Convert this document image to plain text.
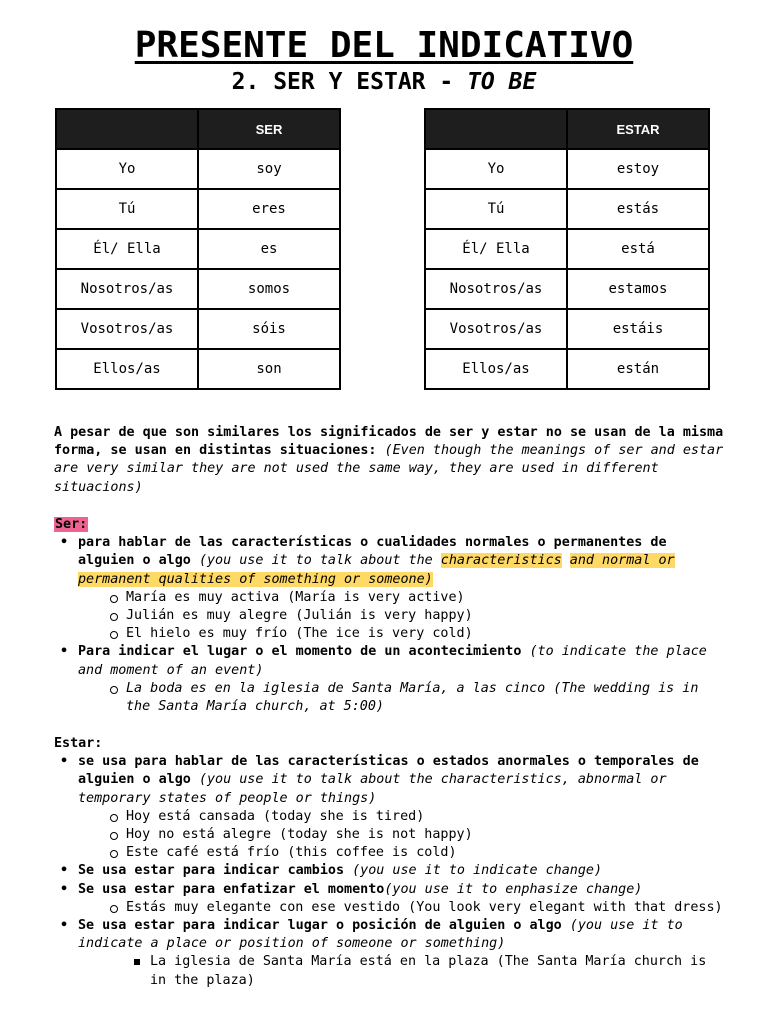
PRESENTE DEL INDICATIVO
2. SER Y ESTAR - TO BE
	SER
Yo	soy
Tú	eres
Él/ Ella	es
Nosotros/as	somos
Vosotros/as	sóis
Ellos/as	son
	ESTAR
Yo	estoy
Tú	estás
Él/ Ella	está
Nosotros/as	estamos
Vosotros/as	estáis
Ellos/as	están

A pesar de que son similares los significados de ser y estar no se usan de la misma forma, se usan en distintas situaciones: (Even though the meanings of ser and estar are very similar they are not used the same way, they are used in different situacions)

Ser:

• para hablar de las características o cualidades normales o permanentes de alguien o algo (you use it to talk about the characteristics and normal or permanent qualities of something or someone)
María es muy activa (María is very active)
Julián es muy alegre (Julián is very happy)
El hielo es muy frío (The ice is very cold)
• Para indicar el lugar o el momento de un acontecimiento (to indicate the place and moment of an event)
La boda es en la iglesia de Santa María, a las cinco (The wedding is in the Santa María church, at 5:00)

Estar:

• se usa para hablar de las características o estados anormales o temporales de alguien o algo (you use it to talk about the characteristics, abnormal or temporary states of people or things)
Hoy está cansada (today she is tired)
Hoy no está alegre (today she is not happy)
Este café está frío (this coffee is cold)
• Se usa estar para indicar cambios (you use it to indicate change)
• Se usa estar para enfatizar el momento(you use it to enphasize change)
Estás muy elegante con ese vestido (You look very elegant with that dress)
• Se usa estar para indicar lugar o posición de alguien o algo (you use it to indicate a place or position of someone or something)
La iglesia de Santa María está en la plaza (The Santa María church is in the plaza)
